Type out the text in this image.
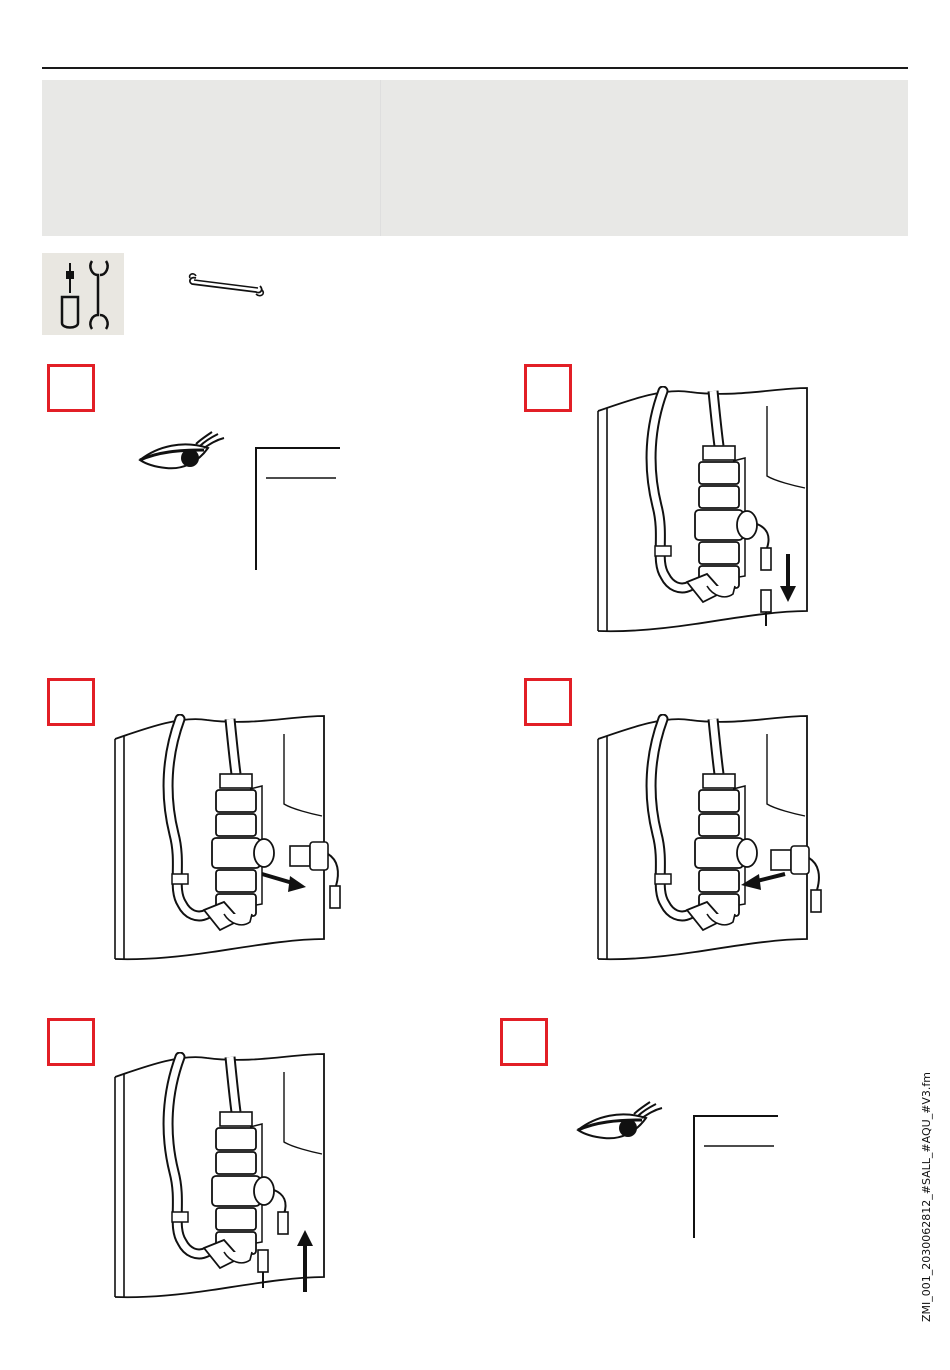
ZMI_001_2030062812_#SALL_#AQU_#V3.fm
